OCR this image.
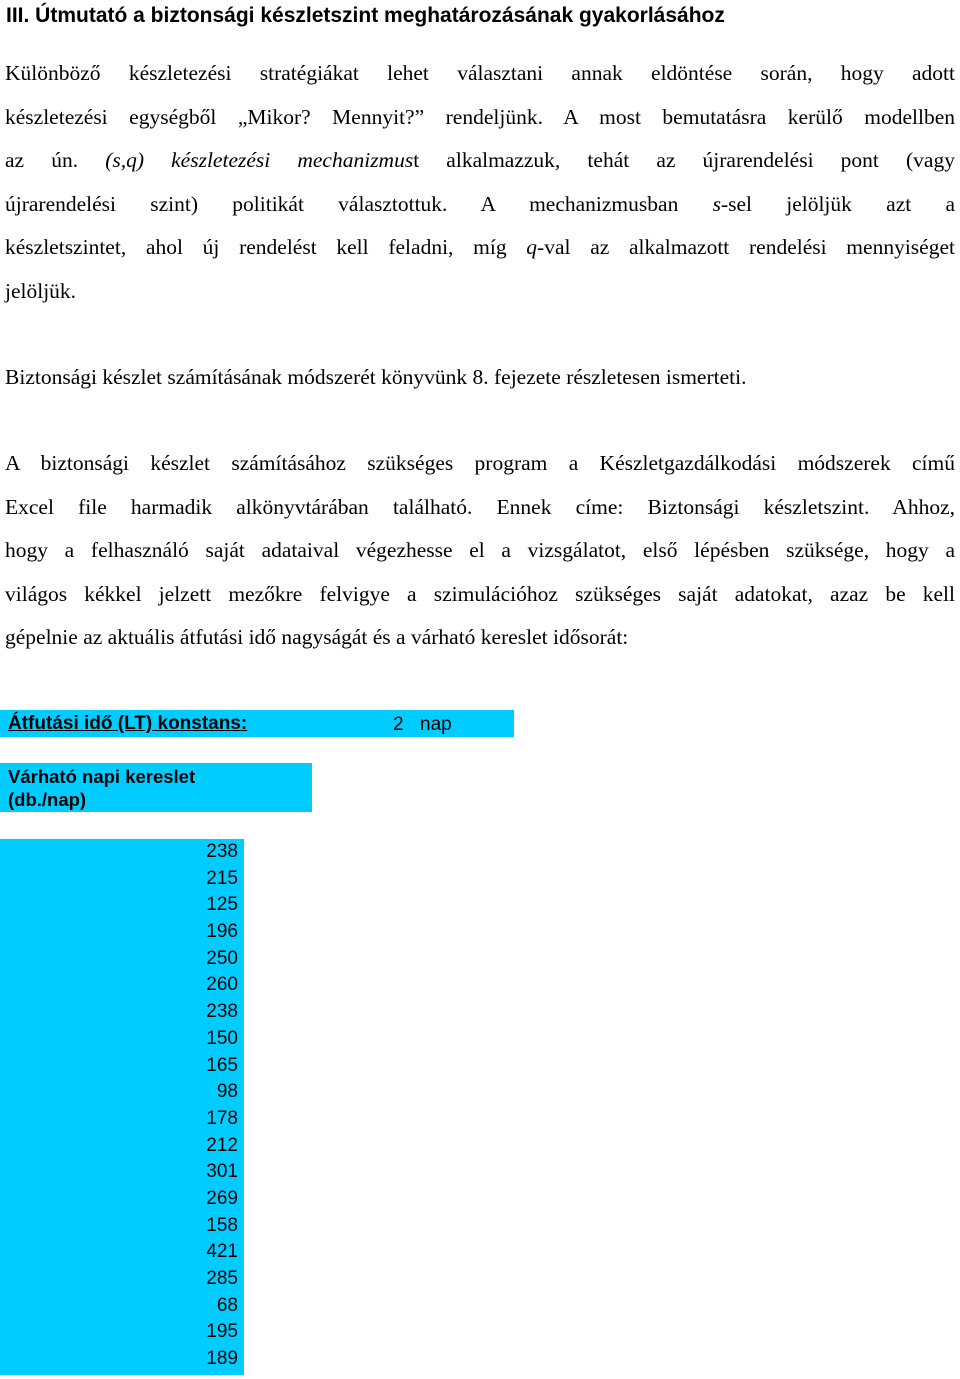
III. Útmutató a biztonsági készletszint meghatározásának gyakorlásához
Különböző készletezési stratégiákat lehet választani annak eldöntése során, hogy adott
készletezési egységből „Mikor? Mennyit?” rendeljünk. A most bemutatásra kerülő modellben
az ún. (s,q) készletezési mechanizmust alkalmazzuk, tehát az újrarendelési pont (vagy
újrarendelési szint) politikát választottuk. A mechanizmusban s-sel jelöljük azt a
készletszintet, ahol új rendelést kell feladni, míg q-val az alkalmazott rendelési mennyiséget
jelöljük.
Biztonsági készlet számításának módszerét könyvünk 8. fejezete részletesen ismerteti.
A biztonsági készlet számításához szükséges program a Készletgazdálkodási módszerek című
Excel file harmadik alkönyvtárában található. Ennek címe: Biztonsági készletszint. Ahhoz,
hogy a felhasználó saját adataival végezhesse el a vizsgálatot, első lépésben szüksége, hogy a
világos kékkel jelzett mezőkre felvigye a szimulációhoz szükséges saját adatokat, azaz be kell
gépelnie az aktuális átfutási idő nagyságát és a várható kereslet idősorát:
Átfutási idő (LT) konstans:	2 nap
Várható napi kereslet
(db./nap)
238
215
125
196
250
260
238
150
165
98
178
212
301
269
158
421
285
68
195
189
